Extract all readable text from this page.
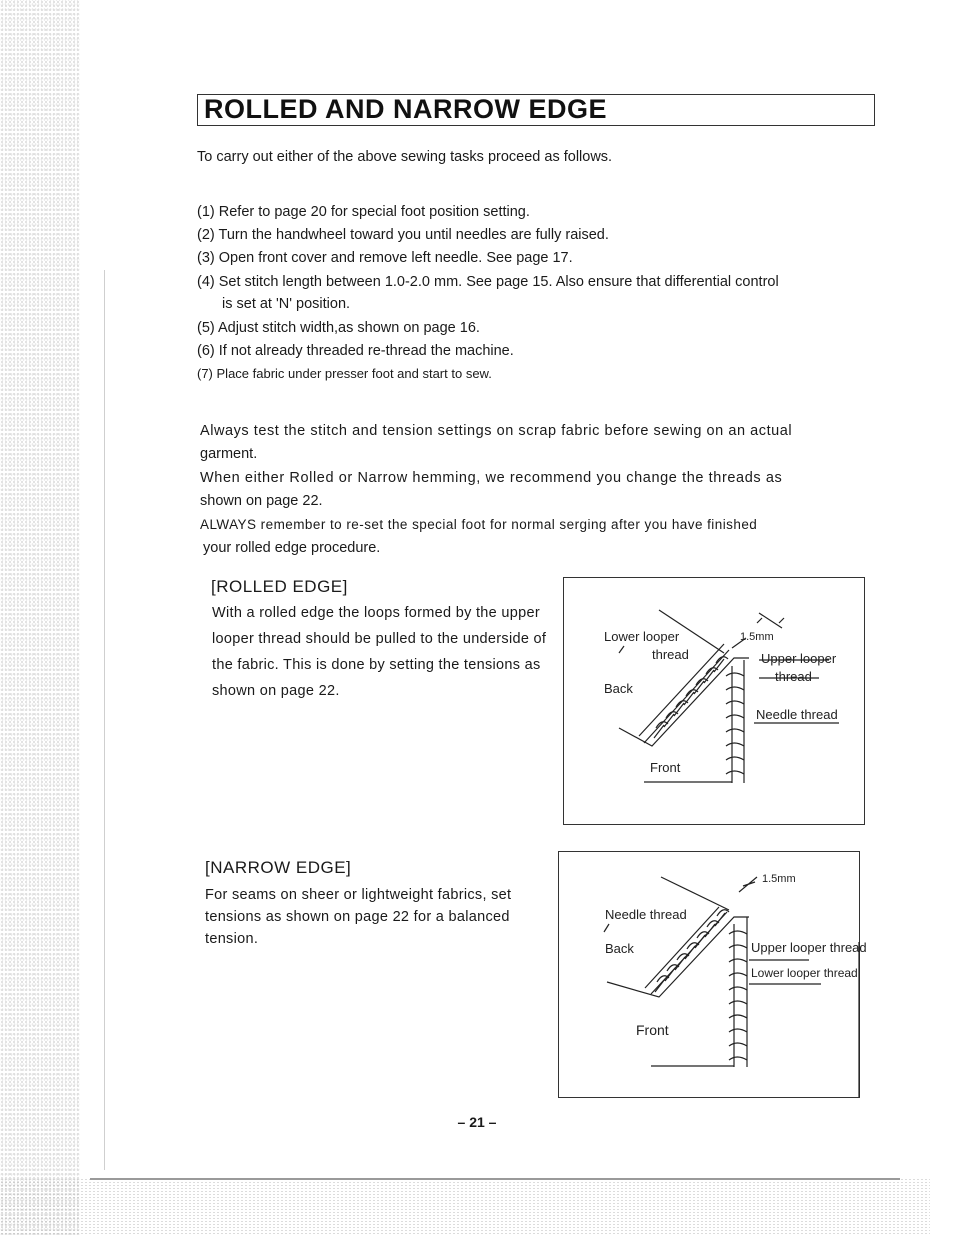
ROLLED AND NARROW EDGE
To carry out either of the above sewing tasks proceed as follows.
(1) Refer to page 20 for special foot position setting.
(2) Turn the handwheel toward you until needles are fully raised.
(3) Open front cover and remove left needle. See page 17.
(4) Set stitch length between 1.0-2.0 mm. See page 15. Also ensure that differential control
is set at 'N' position.
(5) Adjust stitch width,as shown on page 16.
(6) If not already threaded re-thread the machine.
(7) Place fabric under presser foot and start to sew.
Always test the stitch and tension settings on scrap fabric before sewing on an actual
garment.
When either Rolled or Narrow hemming, we recommend you change the threads as
shown on page 22.
ALWAYS remember to re-set the special foot for normal serging after you have finished
your rolled edge procedure.
[ROLLED EDGE]
With a rolled edge the loops formed by the upper looper thread should be pulled to the underside of the fabric. This is done by setting the tensions as shown on page 22.
Lower looper
thread
1.5mm
Upper looper
thread
Back
Needle thread
Front
[NARROW EDGE]
For seams on sheer or lightweight fabrics, set tensions as shown on page 22 for a balanced tension.
1.5mm
Needle thread
Back	Upper looper thread
Lower looper thread
Front
– 21 –
